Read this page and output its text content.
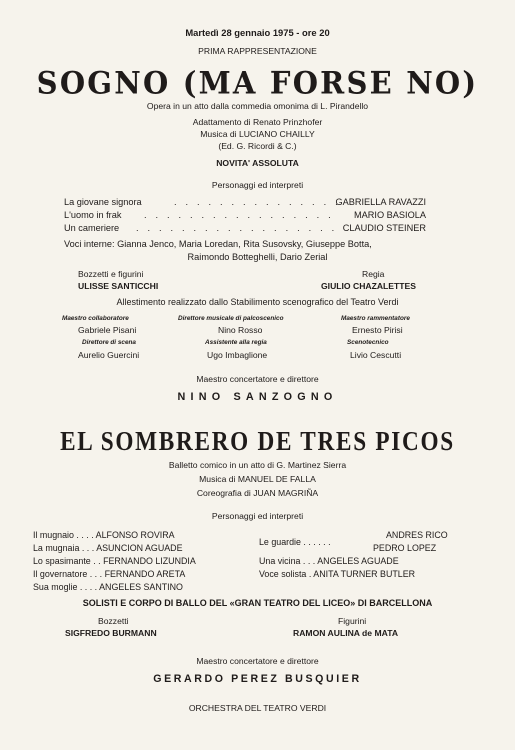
Martedì 28 gennaio 1975 - ore 20
PRIMA RAPPRESENTAZIONE
SOGNO (MA FORSE NO)
Opera in un atto dalla commedia omonima di L. Pirandello
Adattamento di Renato Prinzhofer
Musica di LUCIANO CHAILLY
(Ed. G. Ricordi & C.)
NOVITA' ASSOLUTA
Personaggi ed interpreti
La giovane signora	. . . . . . . . . . . . . . .
GABRIELLA RAVAZZI
L'uomo in frak . . . . . . . . . . . . . . . . . MARIO BASIOLA
Un cameriere . . . . . . . . . . . . . . . . . . CLAUDIO STEINER
Voci interne: Gianna Jenco, Maria Loredan, Rita Susovsky, Giuseppe Botta,
Raimondo Botteghelli, Dario Zerial
Bozzetti e figurini
ULISSE SANTICCHI
Regia
GIULIO CHAZALETTES
Allestimento realizzato dallo Stabilimento scenografico del Teatro Verdi
Maestro collaboratore
Gabriele Pisani
Direttore musicale di palcoscenico
Nino Rosso
Maestro rammentatore
Ernesto Pirisi
Direttore di scena
Aurelio Guercini
Assistente alla regia
Ugo Imbaglione
Scenotecnico
Livio Cescutti
Maestro concertatore e direttore
NINO SANZOGNO
EL SOMBRERO DE TRES PICOS
Balletto comico in un atto di G. Martinez Sierra
Musica di MANUEL DE FALLA
Coreografia di JUAN MAGRIÑA
Personaggi ed interpreti
Il mugnaio . . . . ALFONSO ROVIRA
La mugnaia . . . ASUNCION AGUADE
Lo spasimante . . FERNANDO LIZUNDIA
Il governatore . . . FERNANDO ARETA
Sua moglie . . . . ANGELES SANTINO
ANDRES RICO
Le guardie . . . . . .
PEDRO LOPEZ
Una vicina . . . ANGELES AGUADE
Voce solista . ANITA TURNER BUTLER
SOLISTI E CORPO DI BALLO DEL «GRAN TEATRO DEL LICEO» DI BARCELLONA
Bozzetti
SIGFREDO BURMANN
Figurini
RAMON AULINA de MATA
Maestro concertatore e direttore
GERARDO PEREZ BUSQUIER
ORCHESTRA DEL TEATRO VERDI
